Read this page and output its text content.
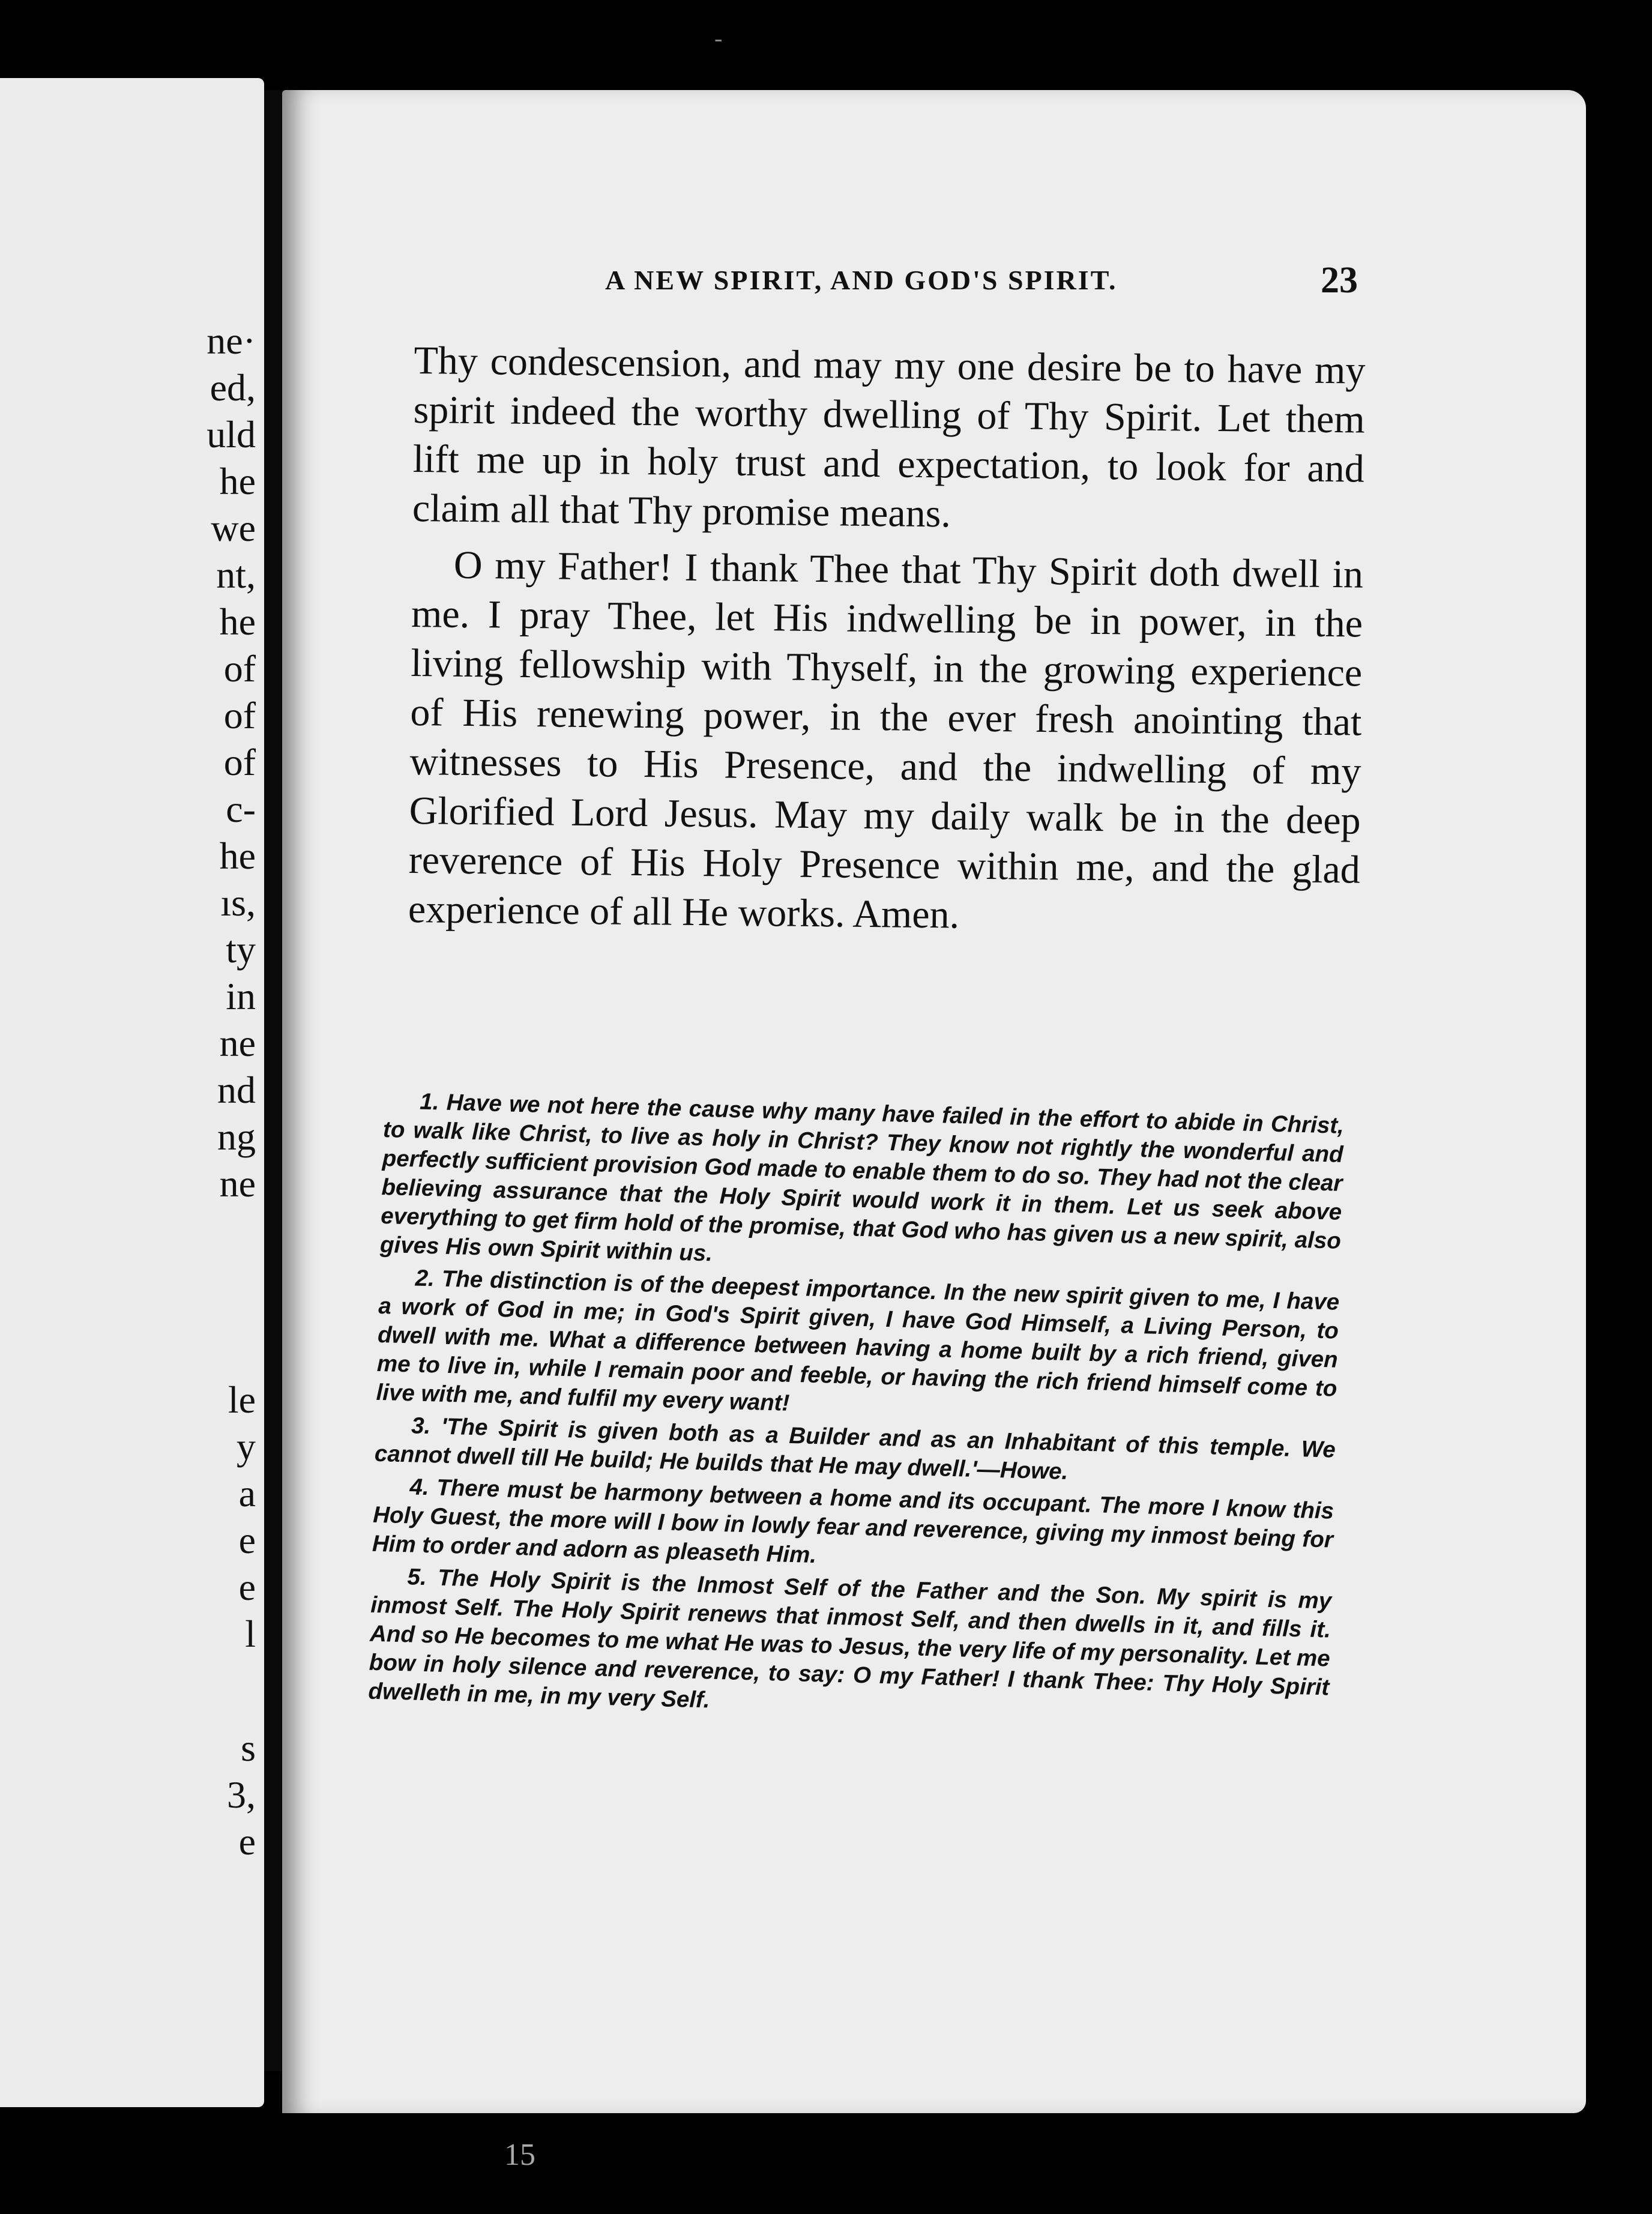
ne·

ed,

uld

he

we

nt,

he

of

of

of

c-

he

ıs,

ty

in

ne

nd

ng

ne

le

y

a

e

e

l

s

3,

e

-

A NEW SPIRIT, AND GOD'S SPIRIT.	23

Thy condescension, and may my one desire be to have my spirit indeed the worthy dwelling of Thy Spirit. Let them lift me up in holy trust and expectation, to look for and claim all that Thy promise means.

O my Father! I thank Thee that Thy Spirit doth dwell in me. I pray Thee, let His indwelling be in power, in the living fellowship with Thyself, in the growing experience of His renewing power, in the ever fresh anointing that witnesses to His Presence, and the indwelling of my Glorified Lord Jesus. May my daily walk be in the deep reverence of His Holy Presence within me, and the glad experience of all He works. Amen.

1. Have we not here the cause why many have failed in the effort to abide in Christ, to walk like Christ, to live as holy in Christ? They know not rightly the wonderful and perfectly sufficient provision God made to enable them to do so. They had not the clear believing assurance that the Holy Spirit would work it in them. Let us seek above everything to get firm hold of the promise, that God who has given us a new spirit, also gives His own Spirit within us.

2. The distinction is of the deepest importance. In the new spirit given to me, I have a work of God in me; in God's Spirit given, I have God Himself, a Living Person, to dwell with me. What a difference between having a home built by a rich friend, given me to live in, while I remain poor and feeble, or having the rich friend himself come to live with me, and fulfil my every want!

3. 'The Spirit is given both as a Builder and as an Inhabitant of this temple. We cannot dwell till He build; He builds that He may dwell.'—Howe.

4. There must be harmony between a home and its occupant. The more I know this Holy Guest, the more will I bow in lowly fear and reverence, giving my inmost being for Him to order and adorn as pleaseth Him.

5. The Holy Spirit is the Inmost Self of the Father and the Son. My spirit is my inmost Self. The Holy Spirit renews that inmost Self, and then dwells in it, and fills it. And so He becomes to me what He was to Jesus, the very life of my personality. Let me bow in holy silence and reverence, to say: O my Father! I thank Thee: Thy Holy Spirit dwelleth in me, in my very Self.

15
